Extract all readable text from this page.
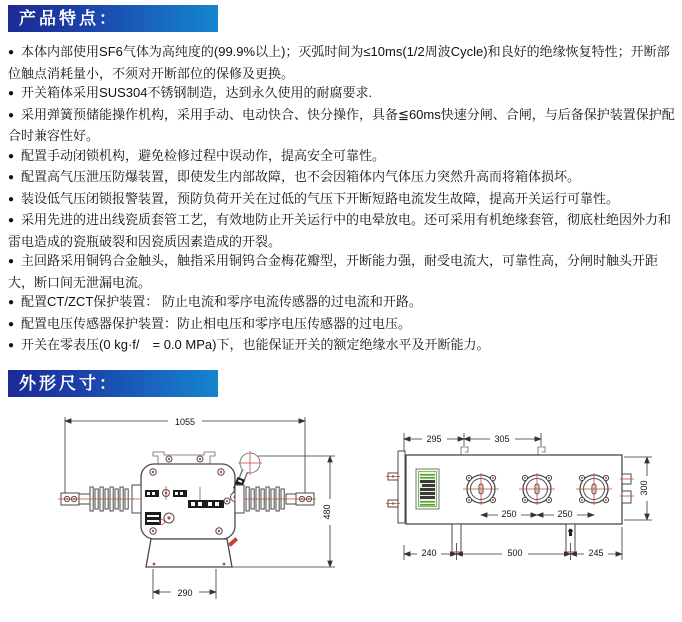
产品特点：
● 本体内部使用SF6气体为高纯度的(99.9%以上)；灭弧时间为≤10ms(1/2周波Cycle)和良好的绝缘恢复特性；开断部位触点消耗量小，不须对开断部位的保修及更换。
● 开关箱体采用SUS304不锈钢制造，达到永久使用的耐腐要求.
● 采用弹簧预储能操作机构，采用手动、电动快合、快分操作，具备≦60ms快速分闸、合闸，与后备保护装置保护配合时兼容性好。
● 配置手动闭锁机构，避免检修过程中误动作，提高安全可靠性。
● 配置高气压泄压防爆装置，即使发生内部故障，也不会因箱体内气体压力突然升高而将箱体损坏。
● 装设低气压闭锁报警装置，预防负荷开关在过低的气压下开断短路电流发生故障，提高开关运行可靠性。
● 采用先进的进出线瓷质套管工艺，有效地防止开关运行中的电晕放电。还可采用有机绝缘套管，彻底杜绝因外力和雷电造成的瓷瓶破裂和因瓷质因素造成的开裂。
● 主回路采用铜钨合金触头，触指采用铜钨合金梅花瓣型，开断能力强，耐受电流大，可靠性高，分闸时触头开距大，断口间无泄漏电流。
● 配置CT/ZCT保护装置： 防止电流和零序电流传感器的过电流和开路。
● 配置电压传感器保护装置：防止相电压和零序电压传感器的过电压。
● 开关在零表压(0 kg·f/　= 0.0 MPa)下，也能保证开关的额定绝缘水平及开断能力。
外形尺寸：
1055
480
290
295	305
300
250	250
240	500	245
